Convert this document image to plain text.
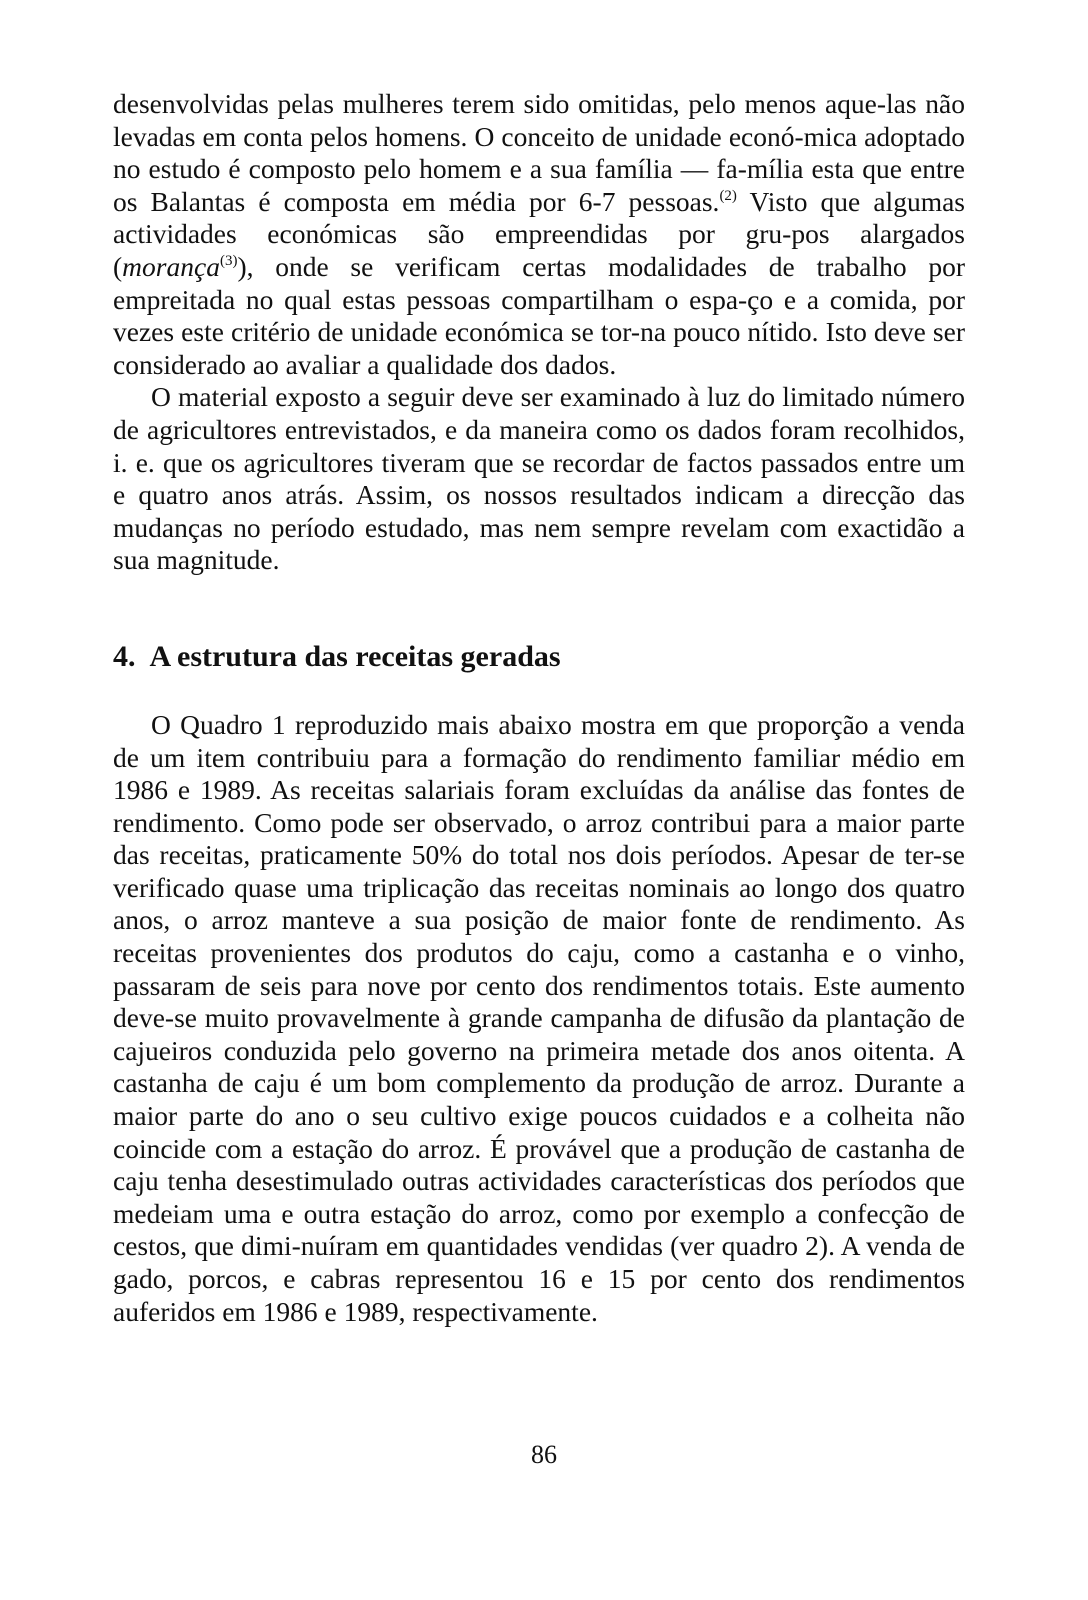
desenvolvidas pelas mulheres terem sido omitidas, pelo menos aque-las não levadas em conta pelos homens. O conceito de unidade econó-mica adoptado no estudo é composto pelo homem e a sua família — fa-mília esta que entre os Balantas é composta em média por 6-7 pessoas.$^{(2)}$ Visto que algumas actividades económicas são empreendidas por gru-pos alargados (morança$^{(3)}$), onde se verificam certas modalidades de trabalho por empreitada no qual estas pessoas compartilham o espa-ço e a comida, por vezes este critério de unidade económica se tor-na pouco nítido. Isto deve ser considerado ao avaliar a qualidade dos dados.

O material exposto a seguir deve ser examinado à luz do limitado número de agricultores entrevistados, e da maneira como os dados foram recolhidos, i. e. que os agricultores tiveram que se recordar de factos passados entre um e quatro anos atrás. Assim, os nossos resultados indicam a direcção das mudanças no período estudado, mas nem sempre revelam com exactidão a sua magnitude.

4. A estrutura das receitas geradas

O Quadro 1 reproduzido mais abaixo mostra em que proporção a venda de um item contribuiu para a formação do rendimento familiar médio em 1986 e 1989. As receitas salariais foram excluídas da análise das fontes de rendimento. Como pode ser observado, o arroz contribui para a maior parte das receitas, praticamente 50% do total nos dois períodos. Apesar de ter-se verificado quase uma triplicação das receitas nominais ao longo dos quatro anos, o arroz manteve a sua posição de maior fonte de rendimento. As receitas provenientes dos produtos do caju, como a castanha e o vinho, passaram de seis para nove por cento dos rendimentos totais. Este aumento deve-se muito provavelmente à grande campanha de difusão da plantação de cajueiros conduzida pelo governo na primeira metade dos anos oitenta. A castanha de caju é um bom complemento da produção de arroz. Durante a maior parte do ano o seu cultivo exige poucos cuidados e a colheita não coincide com a estação do arroz. É provável que a produção de castanha de caju tenha desestimulado outras actividades características dos períodos que medeiam uma e outra estação do arroz, como por exemplo a confecção de cestos, que dimi-nuíram em quantidades vendidas (ver quadro 2). A venda de gado, porcos, e cabras representou 16 e 15 por cento dos rendimentos auferidos em 1986 e 1989, respectivamente.

86
